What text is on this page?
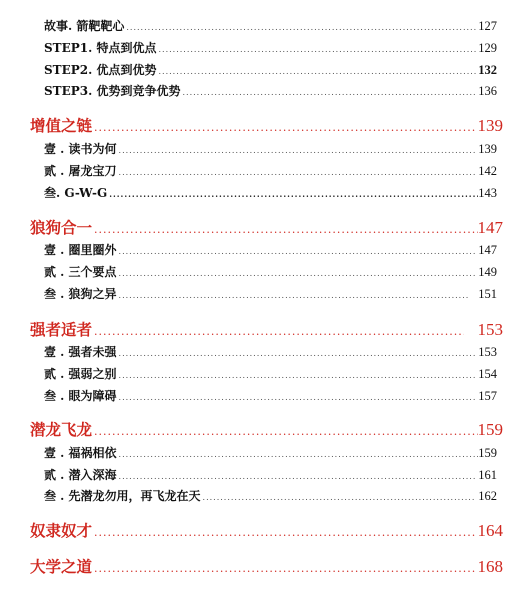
故事. 箭靶靶心 .....	127
STEP1. 特点到优点 .....	129
STEP2. 优点到优势 .....	132
STEP3. 优势到竞争优势 .....	136
增值之链 .....	139
壹 . 读书为何 .....	139
贰 . 屠龙宝刀 .....	142
叁. G-W-G .....	143
狼狗合一 .....	147
壹 . 圈里圈外 .....	147
贰 . 三个要点 .....	149
叁 . 狼狗之异 .....	151
强者适者 .....	153
壹 . 强者未强 .....	153
贰 . 强弱之别 .....	154
叁 . 眼为障碍 .....	157
潜龙飞龙 .....	159
壹 . 福祸相依 .....	159
贰 . 潜入深海 .....	161
叁 . 先潜龙勿用，再飞龙在天 .....	162
奴隶奴才 .....	164
大学之道 .....	168
